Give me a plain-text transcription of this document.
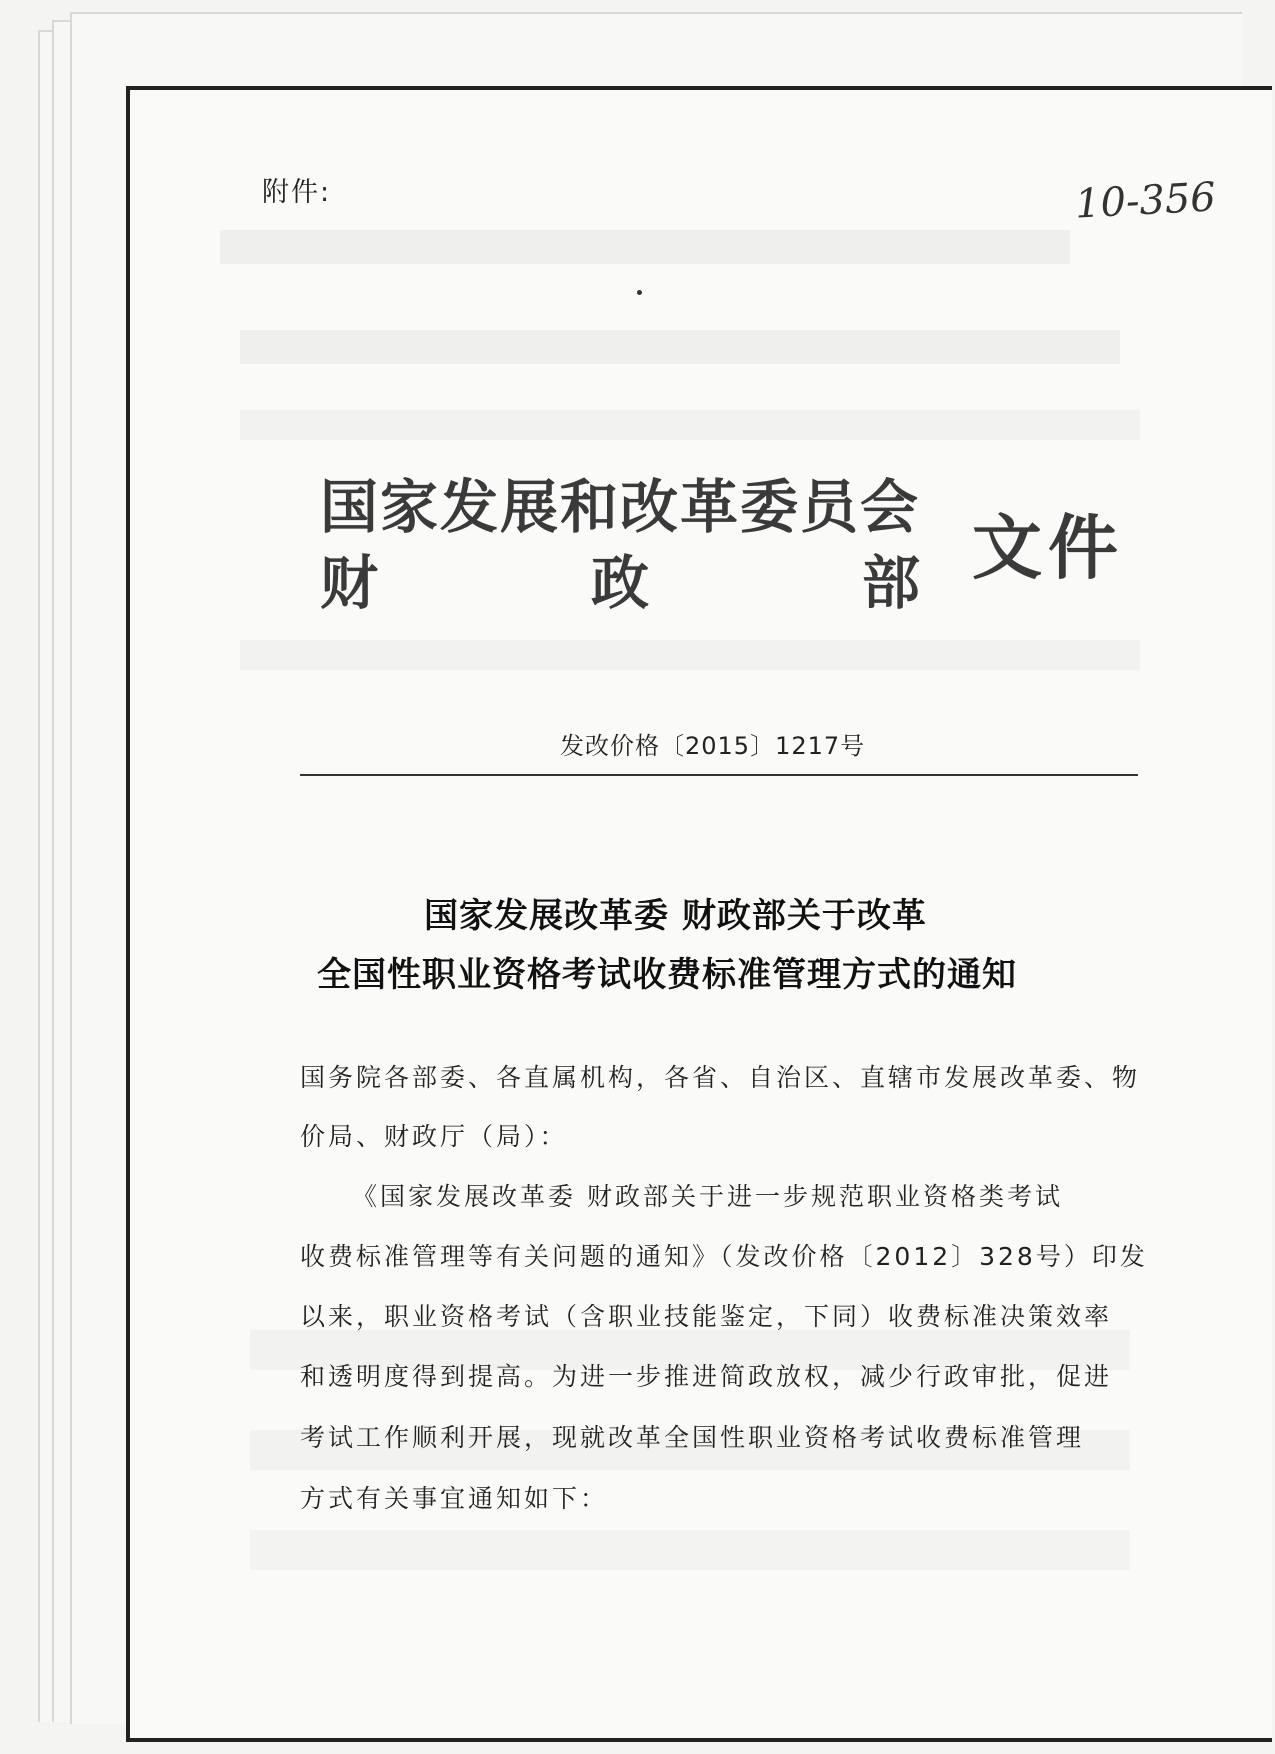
附件:	10-356
国家发展和改革委员会
财	政	部 文件
发改价格〔2015〕1217号
国家发展改革委 财政部关于改革
全国性职业资格考试收费标准管理方式的通知
国务院各部委、各直属机构，各省、自治区、直辖市发展改革委、物
价局、财政厅（局）：
《国家发展改革委 财政部关于进一步规范职业资格类考试
收费标准管理等有关问题的通知》（发改价格〔2012〕328号）印发
以来，职业资格考试（含职业技能鉴定，下同）收费标准决策效率
和透明度得到提高。为进一步推进简政放权，减少行政审批，促进
考试工作顺利开展，现就改革全国性职业资格考试收费标准管理
方式有关事宜通知如下：
